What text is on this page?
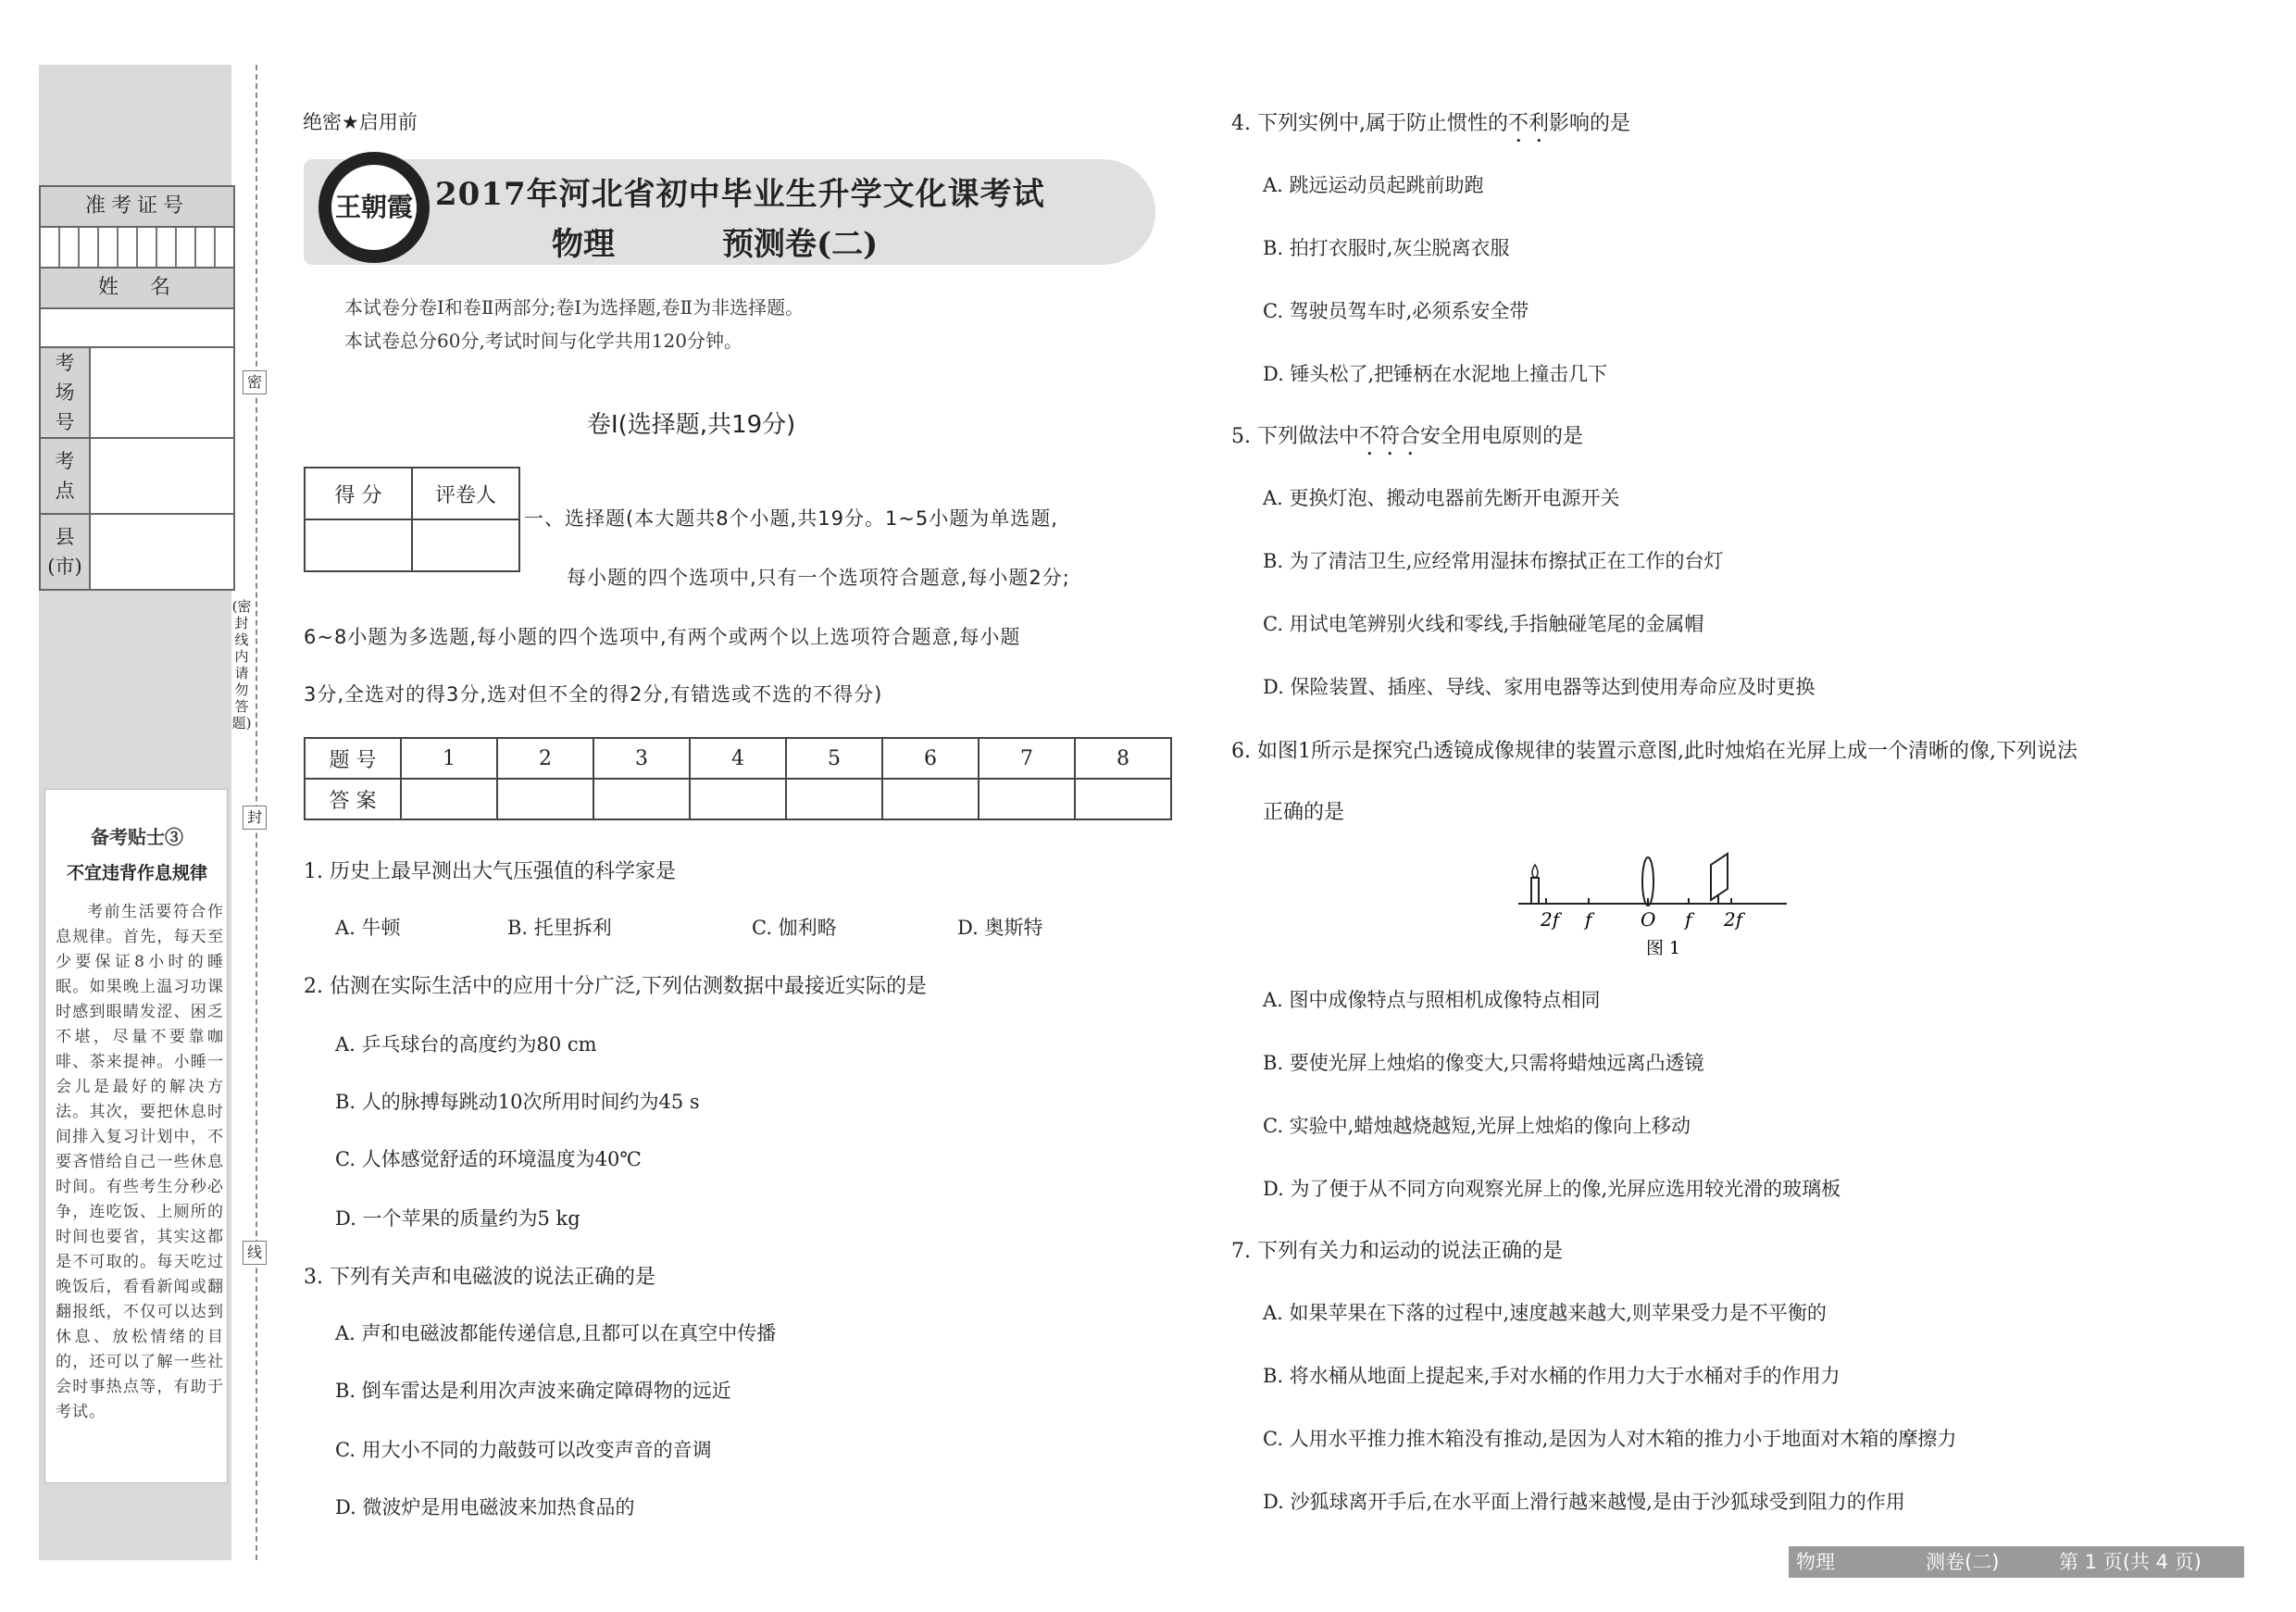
准考证号
姓　名
考
场
号
考
点
县
(市)
备考贴士③
不宜违背作息规律
考前生活要符合作息规律。首先，每天至少要保证8小时的睡眠。如果晚上温习功课时感到眼睛发涩、困乏不堪，尽量不要靠咖啡、茶来提神。小睡一会儿是最好的解决方法。其次，要把休息时间排入复习计划中，不要吝惜给自己一些休息时间。有些考生分秒必争，连吃饭、上厕所的时间也要省，其实这都是不可取的。每天吃过晚饭后，看看新闻或翻翻报纸，不仅可以达到休息、放松情绪的目的，还可以了解一些社会时事热点等，有助于考试。
密
(密封线内请勿答题)
封
线
绝密★启用前
王朝霞 2017年河北省初中毕业生升学文化课考试
物理	预测卷(二)
本试卷分卷Ⅰ和卷Ⅱ两部分;卷Ⅰ为选择题,卷Ⅱ为非选择题。
本试卷总分60分,考试时间与化学共用120分钟。
卷Ⅰ(选择题,共19分)
得 分	评卷人

一、选择题(本大题共8个小题,共19分。1~5小题为单选题,
每小题的四个选项中,只有一个选项符合题意,每小题2分;
6~8小题为多选题,每小题的四个选项中,有两个或两个以上选项符合题意,每小题
3分,全选对的得3分,选对但不全的得2分,有错选或不选的不得分)
题 号	1	2	3	4	5	6	7	8
答 案								
1. 历史上最早测出大气压强值的科学家是
A. 牛顿	B. 托里拆利	C. 伽利略	D. 奥斯特
2. 估测在实际生活中的应用十分广泛,下列估测数据中最接近实际的是
A. 乒乓球台的高度约为80 cm
B. 人的脉搏每跳动10次所用时间约为45 s
C. 人体感觉舒适的环境温度为40℃
D. 一个苹果的质量约为5 kg
3. 下列有关声和电磁波的说法正确的是
A. 声和电磁波都能传递信息,且都可以在真空中传播
B. 倒车雷达是利用次声波来确定障碍物的远近
C. 用大小不同的力敲鼓可以改变声音的音调
D. 微波炉是用电磁波来加热食品的
4. 下列实例中,属于防止惯性的不利影响的是
A. 跳远运动员起跳前助跑
B. 拍打衣服时,灰尘脱离衣服
C. 驾驶员驾车时,必须系安全带
D. 锤头松了,把锤柄在水泥地上撞击几下
5. 下列做法中不符合安全用电原则的是
A. 更换灯泡、搬动电器前先断开电源开关
B. 为了清洁卫生,应经常用湿抹布擦拭正在工作的台灯
C. 用试电笔辨别火线和零线,手指触碰笔尾的金属帽
D. 保险装置、插座、导线、家用电器等达到使用寿命应及时更换
6. 如图1所示是探究凸透镜成像规律的装置示意图,此时烛焰在光屏上成一个清晰的像,下列说法
正确的是
2f f	O f 2f
图 1
A. 图中成像特点与照相机成像特点相同
B. 要使光屏上烛焰的像变大,只需将蜡烛远离凸透镜
C. 实验中,蜡烛越烧越短,光屏上烛焰的像向上移动
D. 为了便于从不同方向观察光屏上的像,光屏应选用较光滑的玻璃板
7. 下列有关力和运动的说法正确的是
A. 如果苹果在下落的过程中,速度越来越大,则苹果受力是不平衡的
B. 将水桶从地面上提起来,手对水桶的作用力大于水桶对手的作用力
C. 人用水平推力推木箱没有推动,是因为人对木箱的推力小于地面对木箱的摩擦力
D. 沙狐球离开手后,在水平面上滑行越来越慢,是由于沙狐球受到阻力的作用
物理	测卷(二)	第 1 页(共 4 页)
